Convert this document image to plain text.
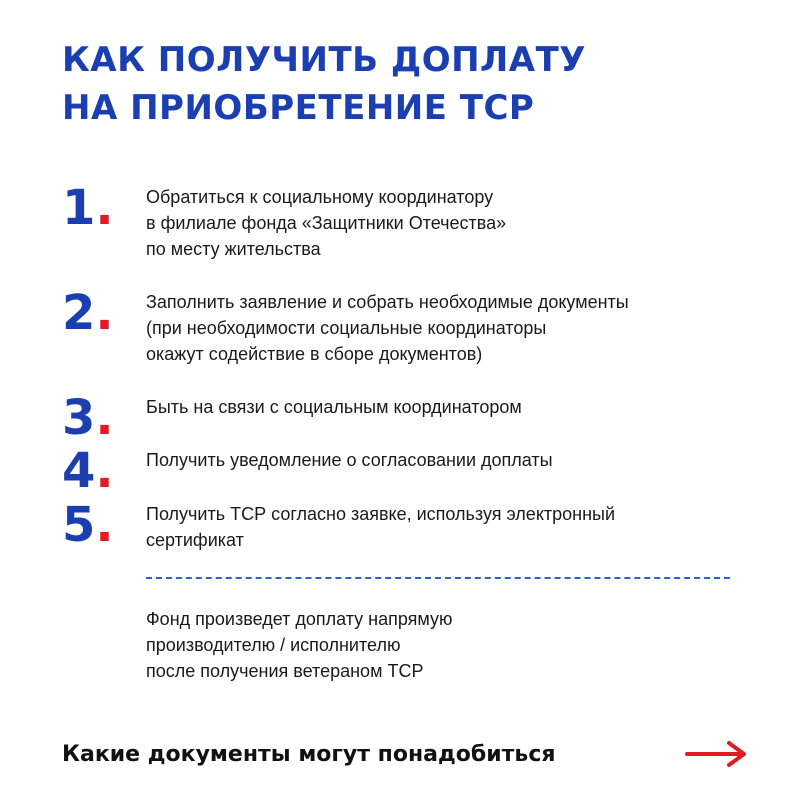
КАК ПОЛУЧИТЬ ДОПЛАТУ
НА ПРИОБРЕТЕНИЕ ТСР
1. Обратиться к социальному координатору
в филиале фонда «Защитники Отечества»
по месту жительства
2. Заполнить заявление и собрать необходимые документы
(при необходимости социальные координаторы
окажут содействие в сборе документов)
3. Быть на связи с социальным координатором
4. Получить уведомление о согласовании доплаты
5. Получить ТСР согласно заявке, используя электронный
сертификат
Фонд произведет доплату напрямую
производителю / исполнителю
после получения ветераном ТСР
Какие документы могут понадобиться
